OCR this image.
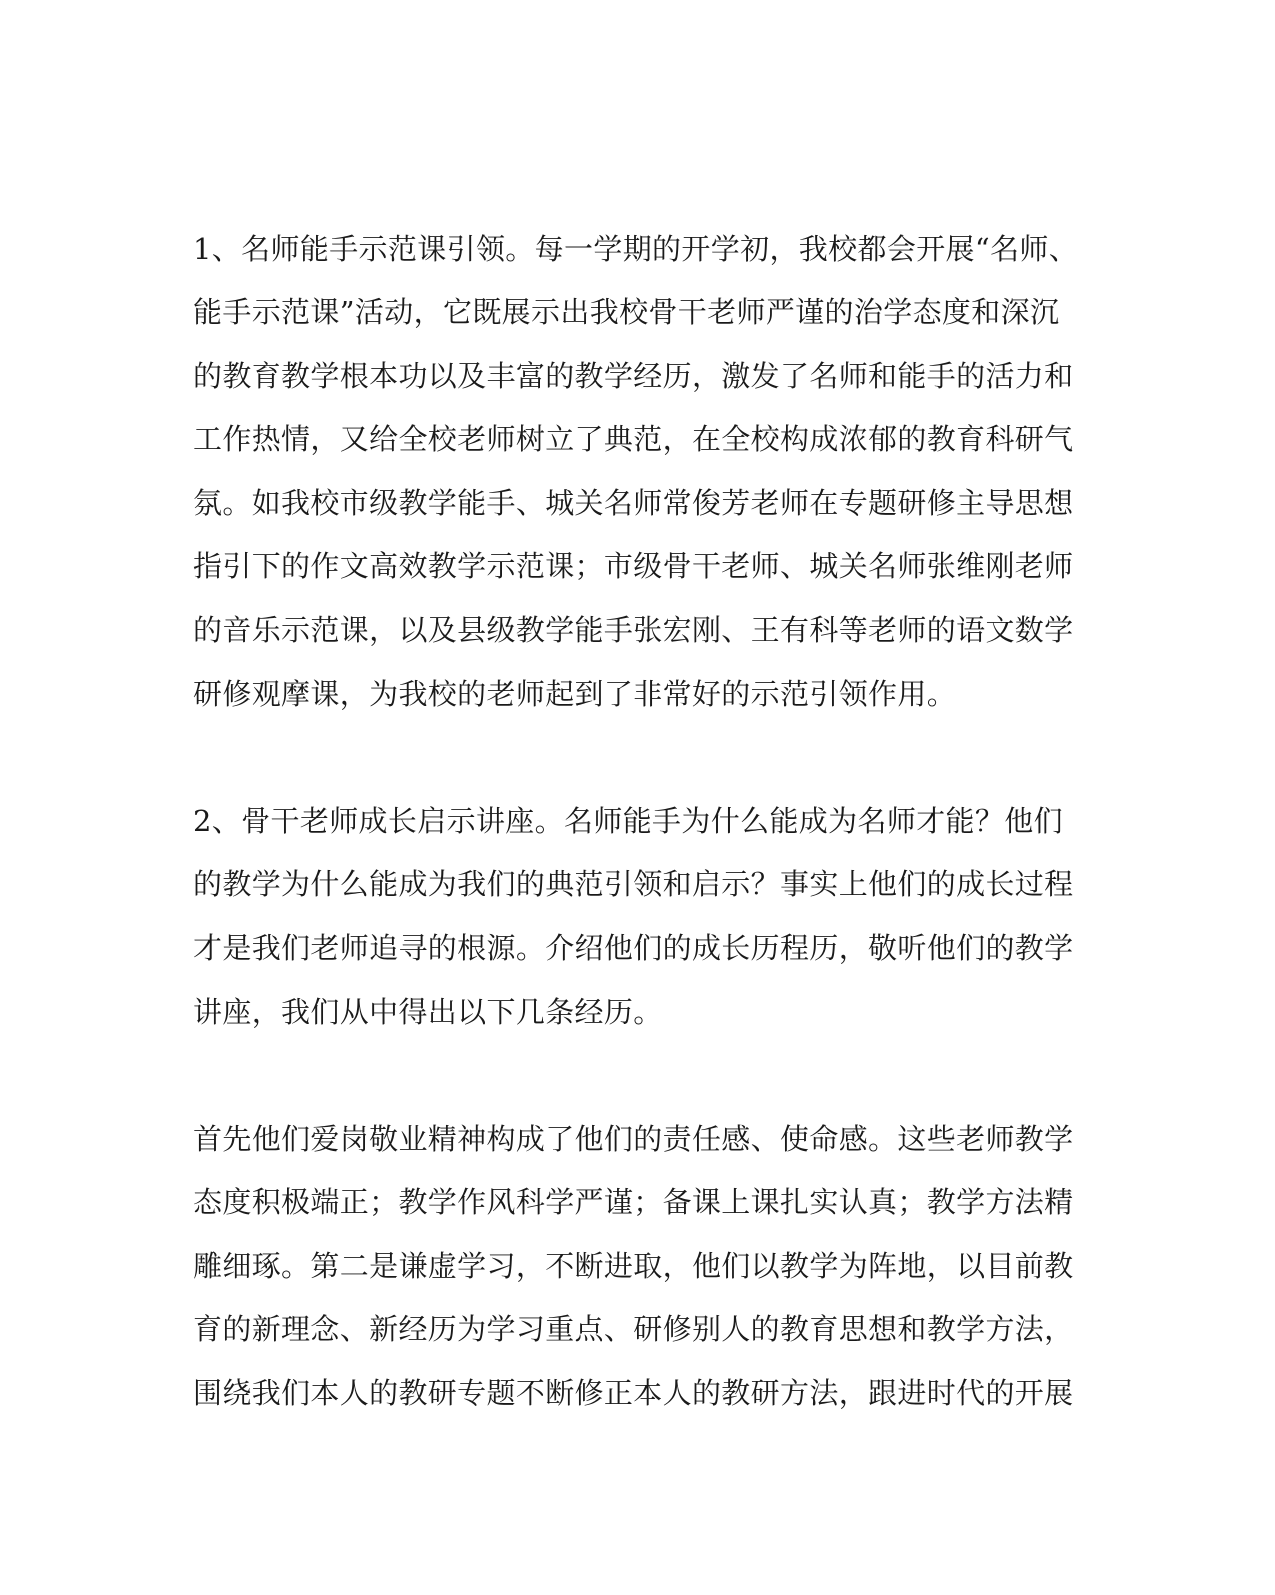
1、名师能手示范课引领。每一学期的开学初，我校都会开展“名师、
能手示范课”活动，它既展示出我校骨干老师严谨的治学态度和深沉
的教育教学根本功以及丰富的教学经历，激发了名师和能手的活力和
工作热情，又给全校老师树立了典范，在全校构成浓郁的教育科研气
氛。如我校市级教学能手、城关名师常俊芳老师在专题研修主导思想
指引下的作文高效教学示范课；市级骨干老师、城关名师张维刚老师
的音乐示范课，以及县级教学能手张宏刚、王有科等老师的语文数学
研修观摩课，为我校的老师起到了非常好的示范引领作用。
2、骨干老师成长启示讲座。名师能手为什么能成为名师才能？他们
的教学为什么能成为我们的典范引领和启示？事实上他们的成长过程
才是我们老师追寻的根源。介绍他们的成长历程历，敬听他们的教学
讲座，我们从中得出以下几条经历。
首先他们爱岗敬业精神构成了他们的责任感、使命感。这些老师教学
态度积极端正；教学作风科学严谨；备课上课扎实认真；教学方法精
雕细琢。第二是谦虚学习，不断进取，他们以教学为阵地，以目前教
育的新理念、新经历为学习重点、研修别人的教育思想和教学方法，
围绕我们本人的教研专题不断修正本人的教研方法，跟进时代的开展
